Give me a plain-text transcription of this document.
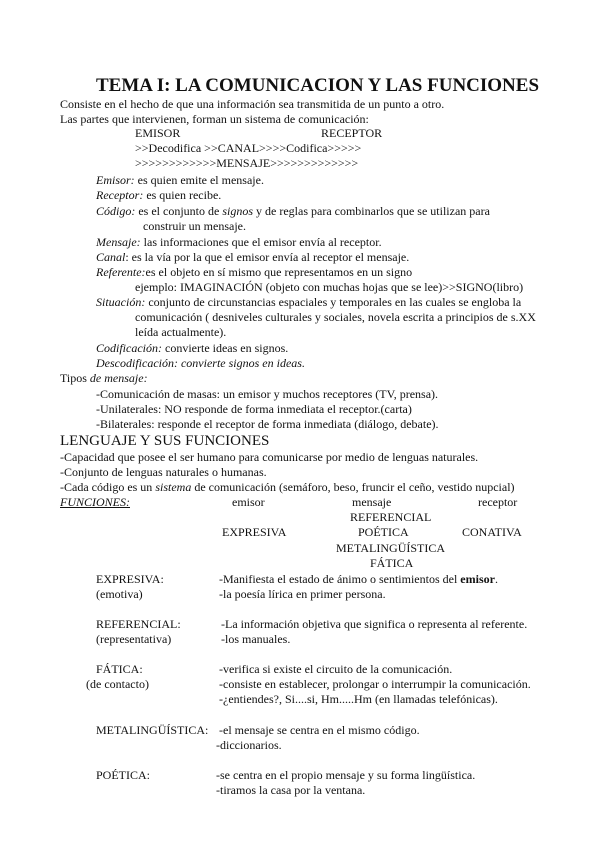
TEMA I: LA COMUNICACION Y LAS FUNCIONES
Consiste en el hecho de que una información sea transmitida de un punto a otro.
Las partes que intervienen, forman un sistema de comunicación:
EMISOR	RECEPTOR
>>Decodifica >>CANAL>>>>Codifica>>>>>
>>>>>>>>>>>>MENSAJE>>>>>>>>>>>>>
Emisor: es quien emite el mensaje.
Receptor: es quien recibe.
Código: es el conjunto de signos y de reglas para combinarlos que se utilizan para
construir un mensaje.
Mensaje: las informaciones que el emisor envía al receptor.
Canal: es la vía por la que el emisor envía al receptor el mensaje.
Referente:es el objeto en sí mismo que representamos en un signo
ejemplo: IMAGINACIÓN (objeto con muchas hojas que se lee)>>SIGNO(libro)
Situación: conjunto de circunstancias espaciales y temporales en las cuales se engloba la
comunicación ( desniveles culturales y sociales, novela escrita a principios de s.XX
leída actualmente).
Codificación: convierte ideas en signos.
Descodificación: convierte signos en ideas.
Tipos de mensaje:
-Comunicación de masas: un emisor y muchos receptores (TV, prensa).
-Unilaterales: NO responde de forma inmediata el receptor.(carta)
-Bilaterales: responde el receptor de forma inmediata (diálogo, debate).
LENGUAJE Y SUS FUNCIONES
-Capacidad que posee el ser humano para comunicarse por medio de lenguas naturales.
-Conjunto de lenguas naturales o humanas.
-Cada código es un sistema de comunicación (semáforo, beso, fruncir el ceño, vestido nupcial)
FUNCIONES:	emisor	mensaje	receptor
REFERENCIAL
EXPRESIVA	POÉTICA	CONATIVA
METALINGÜÍSTICA
FÁTICA
EXPRESIVA:
(emotiva)
-Manifiesta el estado de ánimo o sentimientos del emisor.
-la poesía lírica en primer persona.
REFERENCIAL:
(representativa)
-La información objetiva que significa o representa al referente.
-los manuales.
FÁTICA:
(de contacto)
-verifica si existe el circuito de la comunicación.
-consiste en establecer, prolongar o interrumpir la comunicación.
-¿entiendes?, Si....si, Hm.....Hm (en llamadas telefónicas).
METALINGÜÍSTICA: -el mensaje se centra en el mismo código.
-diccionarios.
POÉTICA:	-se centra en el propio mensaje y su forma lingüística.
-tiramos la casa por la ventana.
